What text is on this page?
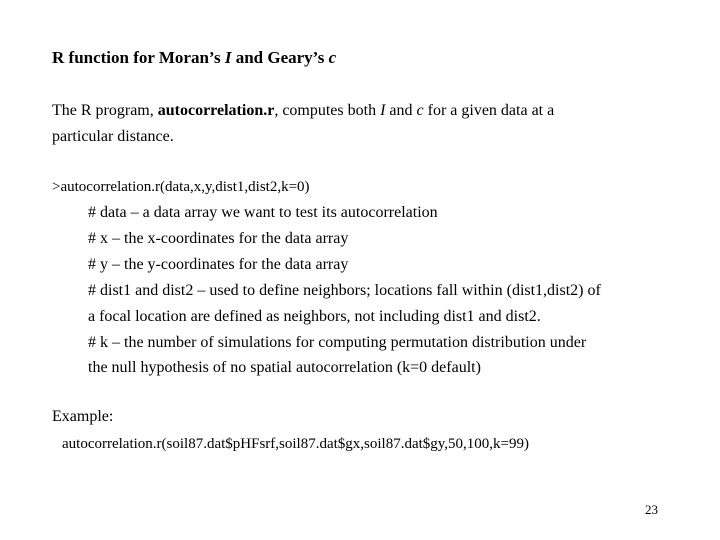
R function for Moran’s I and Geary’s c
The R program, autocorrelation.r, computes both I and c for a given data at a
particular distance.
>autocorrelation.r(data,x,y,dist1,dist2,k=0)
# data – a data array we want to test its autocorrelation
# x – the x-coordinates for the data array
# y – the y-coordinates for the data array
# dist1 and dist2 – used to define neighbors; locations fall within (dist1,dist2) of
a focal location are defined as neighbors, not including dist1 and dist2.
# k – the number of simulations for computing permutation distribution under
the null hypothesis of no spatial autocorrelation (k=0 default)
Example:
autocorrelation.r(soil87.dat$pHFsrf,soil87.dat$gx,soil87.dat$gy,50,100,k=99)
23
